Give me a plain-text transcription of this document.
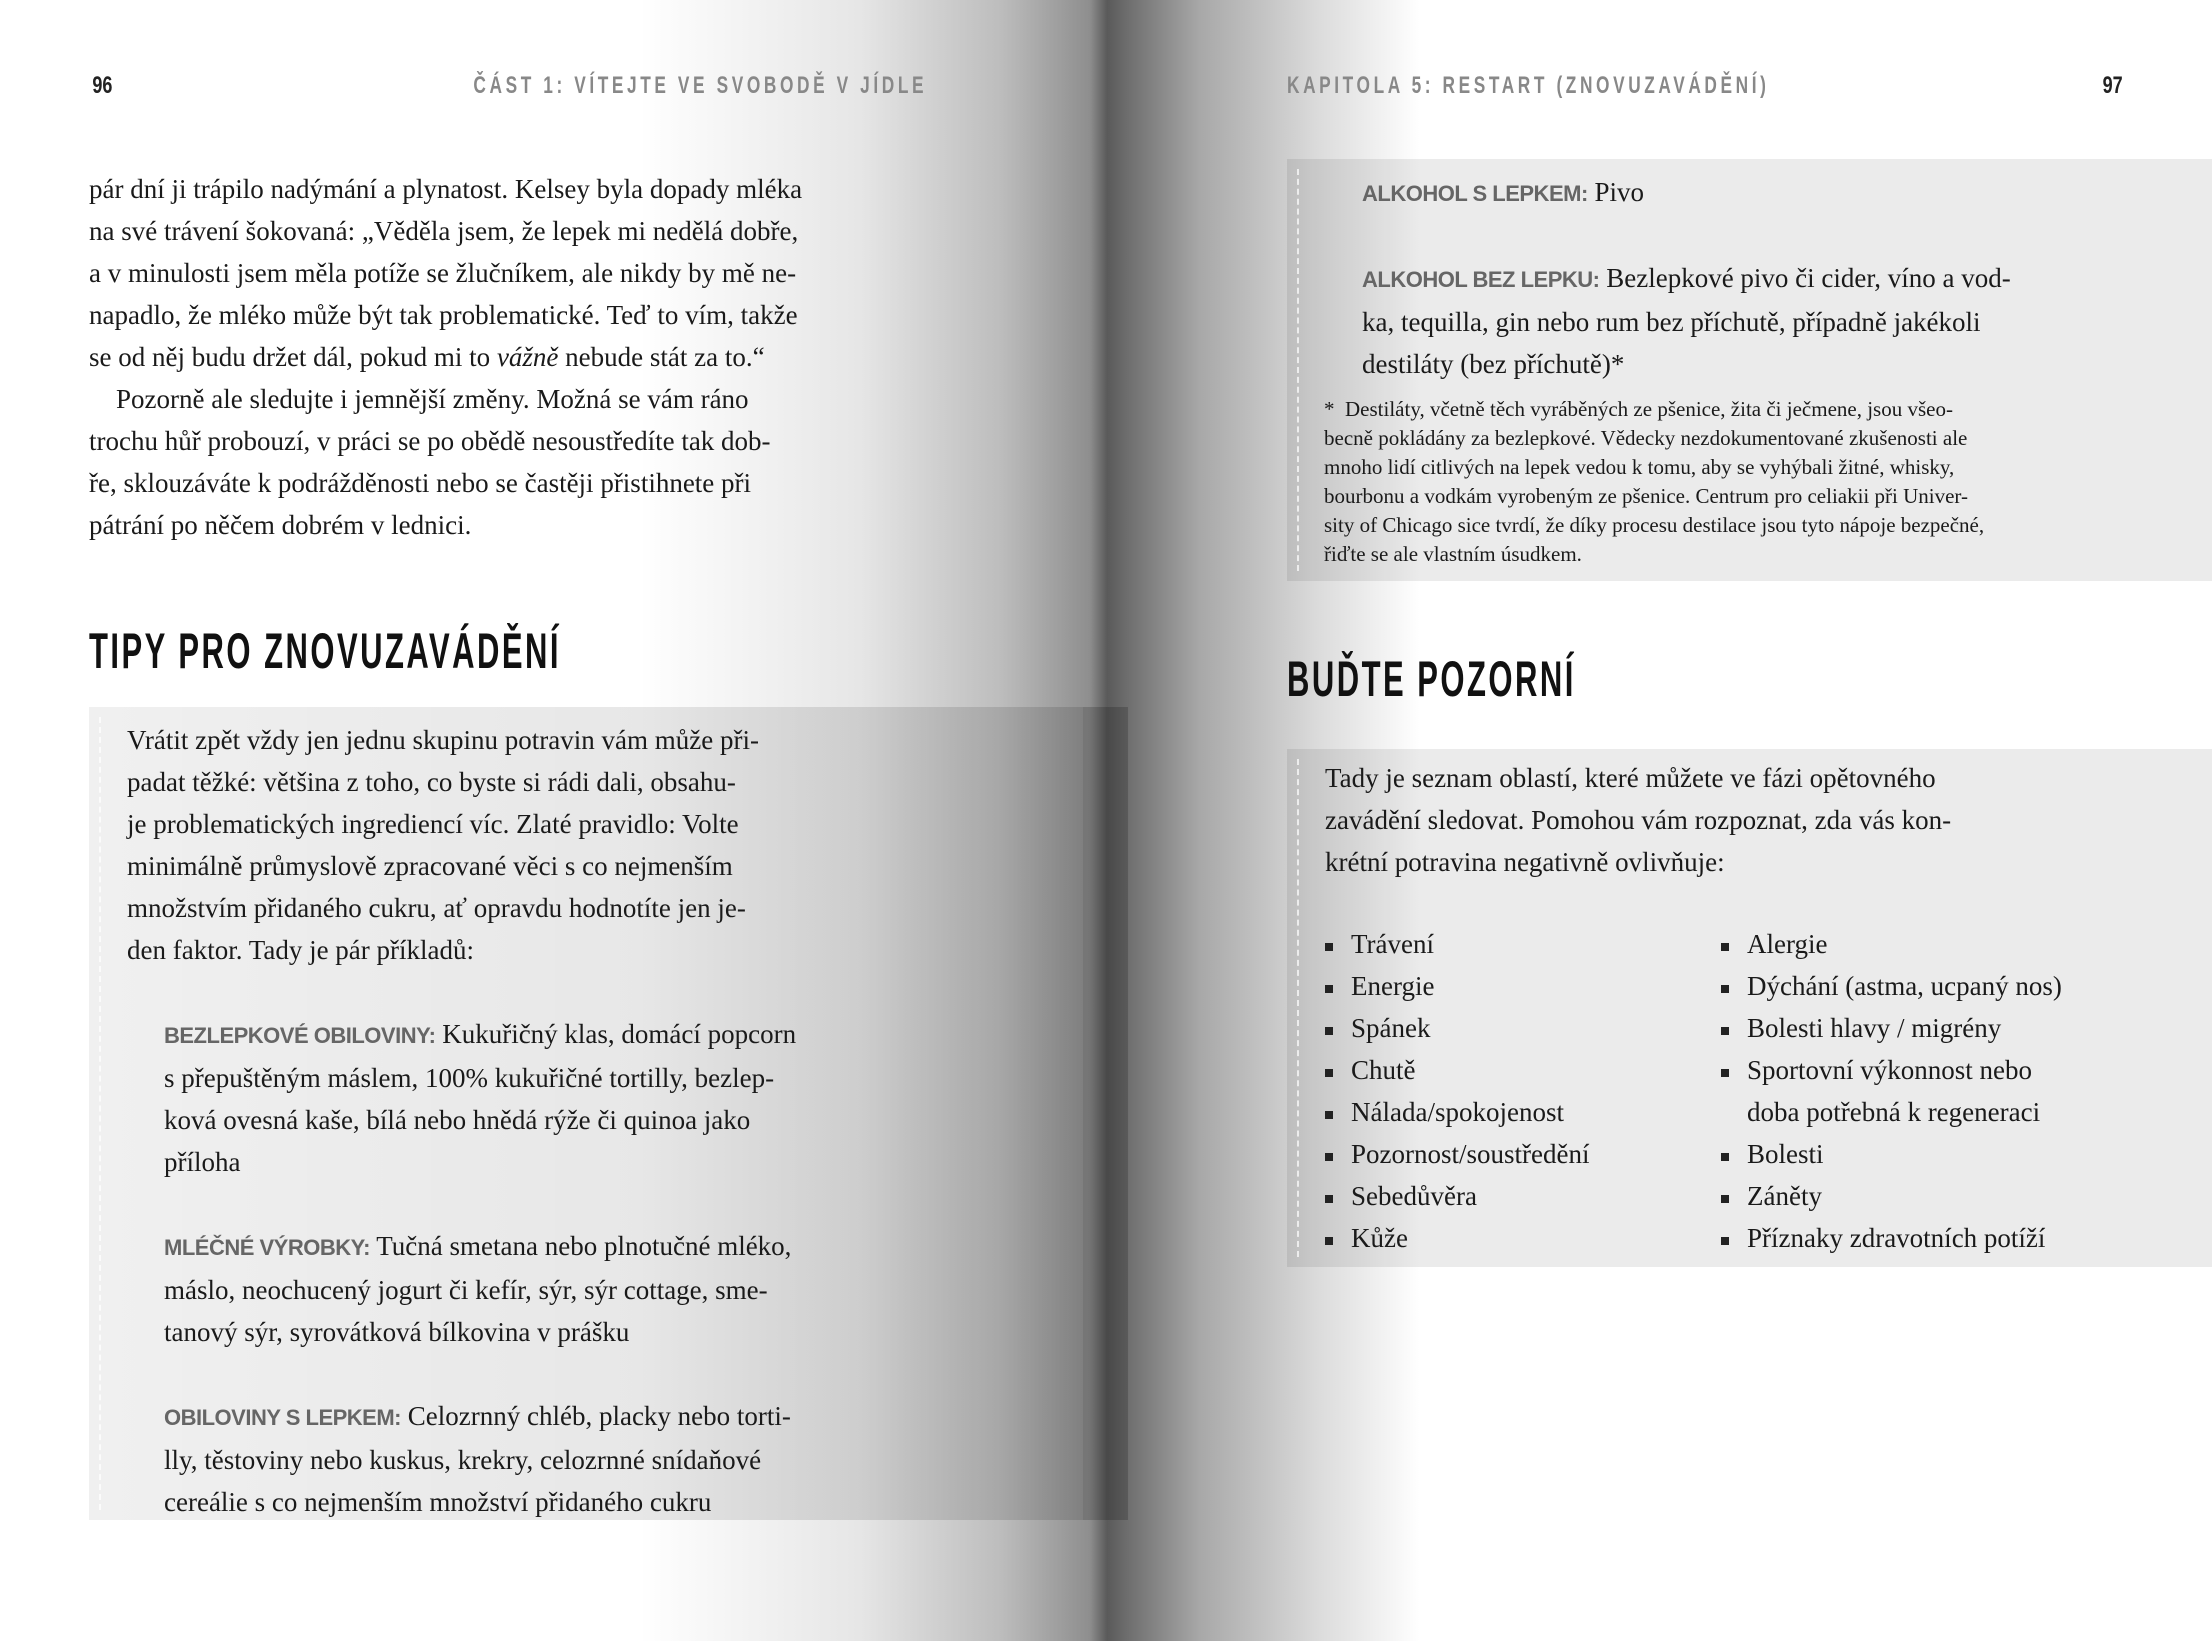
96	ČÁST 1: VÍTEJTE VE SVOBODĚ V JÍDLE	KAPITOLA 5: RESTART (ZNOVUZAVÁDĚNÍ)	97
pár dní ji trápilo nadýmání a plynatost. Kelsey byla dopady mléka
na své trávení šokovaná: „Věděla jsem, že lepek mi nedělá dobře,
a v minulosti jsem měla potíže se žlučníkem, ale nikdy by mě ne-
napadlo, že mléko může být tak problematické. Teď to vím, takže
se od něj budu držet dál, pokud mi to vážně nebude stát za to.“
Pozorně ale sledujte i jemnější změny. Možná se vám ráno
trochu hůř probouzí, v práci se po obědě nesoustředíte tak dob-
ře, sklouzáváte k podrážděnosti nebo se častěji přistihnete při
pátrání po něčem dobrém v lednici.
TIPY PRO ZNOVUZAVÁDĚNÍ
Vrátit zpět vždy jen jednu skupinu potravin vám může při-
padat těžké: většina z toho, co byste si rádi dali, obsahu-
je problematických ingrediencí víc. Zlaté pravidlo: Volte
minimálně průmyslově zpracované věci s co nejmenším
množstvím přidaného cukru, ať opravdu hodnotíte jen je-
den faktor. Tady je pár příkladů:
BEZLEPKOVÉ OBILOVINY: Kukuřičný klas, domácí popcorn
s přepuštěným máslem, 100% kukuřičné tortilly, bezlep-
ková ovesná kaše, bílá nebo hnědá rýže či quinoa jako
příloha
MLÉČNÉ VÝROBKY: Tučná smetana nebo plnotučné mléko,
máslo, neochucený jogurt či kefír, sýr, sýr cottage, sme-
tanový sýr, syrovátková bílkovina v prášku
OBILOVINY S LEPKEM: Celozrnný chléb, placky nebo torti-
lly, těstoviny nebo kuskus, krekry, celozrnné snídaňové
cereálie s co nejmenším množství přidaného cukru
ALKOHOL S LEPKEM: Pivo
ALKOHOL BEZ LEPKU: Bezlepkové pivo či cider, víno a vod-
ka, tequilla, gin nebo rum bez příchutě, případně jakékoli
destiláty (bez příchutě)*
*  Destiláty, včetně těch vyráběných ze pšenice, žita či ječmene, jsou všeo-
becně pokládány za bezlepkové. Vědecky nezdokumentované zkušenosti ale
mnoho lidí citlivých na lepek vedou k tomu, aby se vyhýbali žitné, whisky,
bourbonu a vodkám vyrobeným ze pšenice. Centrum pro celiakii při Univer-
sity of Chicago sice tvrdí, že díky procesu destilace jsou tyto nápoje bezpečné,
řiďte se ale vlastním úsudkem.
BUĎTE POZORNÍ
Tady je seznam oblastí, které můžete ve fázi opětovného
zavádění sledovat. Pomohou vám rozpoznat, zda vás kon-
krétní potravina negativně ovlivňuje:
Trávení
Energie
Spánek
Chutě
Nálada/spokojenost
Pozornost/soustředění
Sebedůvěra
Kůže
Alergie
Dýchání (astma, ucpaný nos)
Bolesti hlavy / migrény
Sportovní výkonnost nebo
doba potřebná k regeneraci
Bolesti
Záněty
Příznaky zdravotních potíží
